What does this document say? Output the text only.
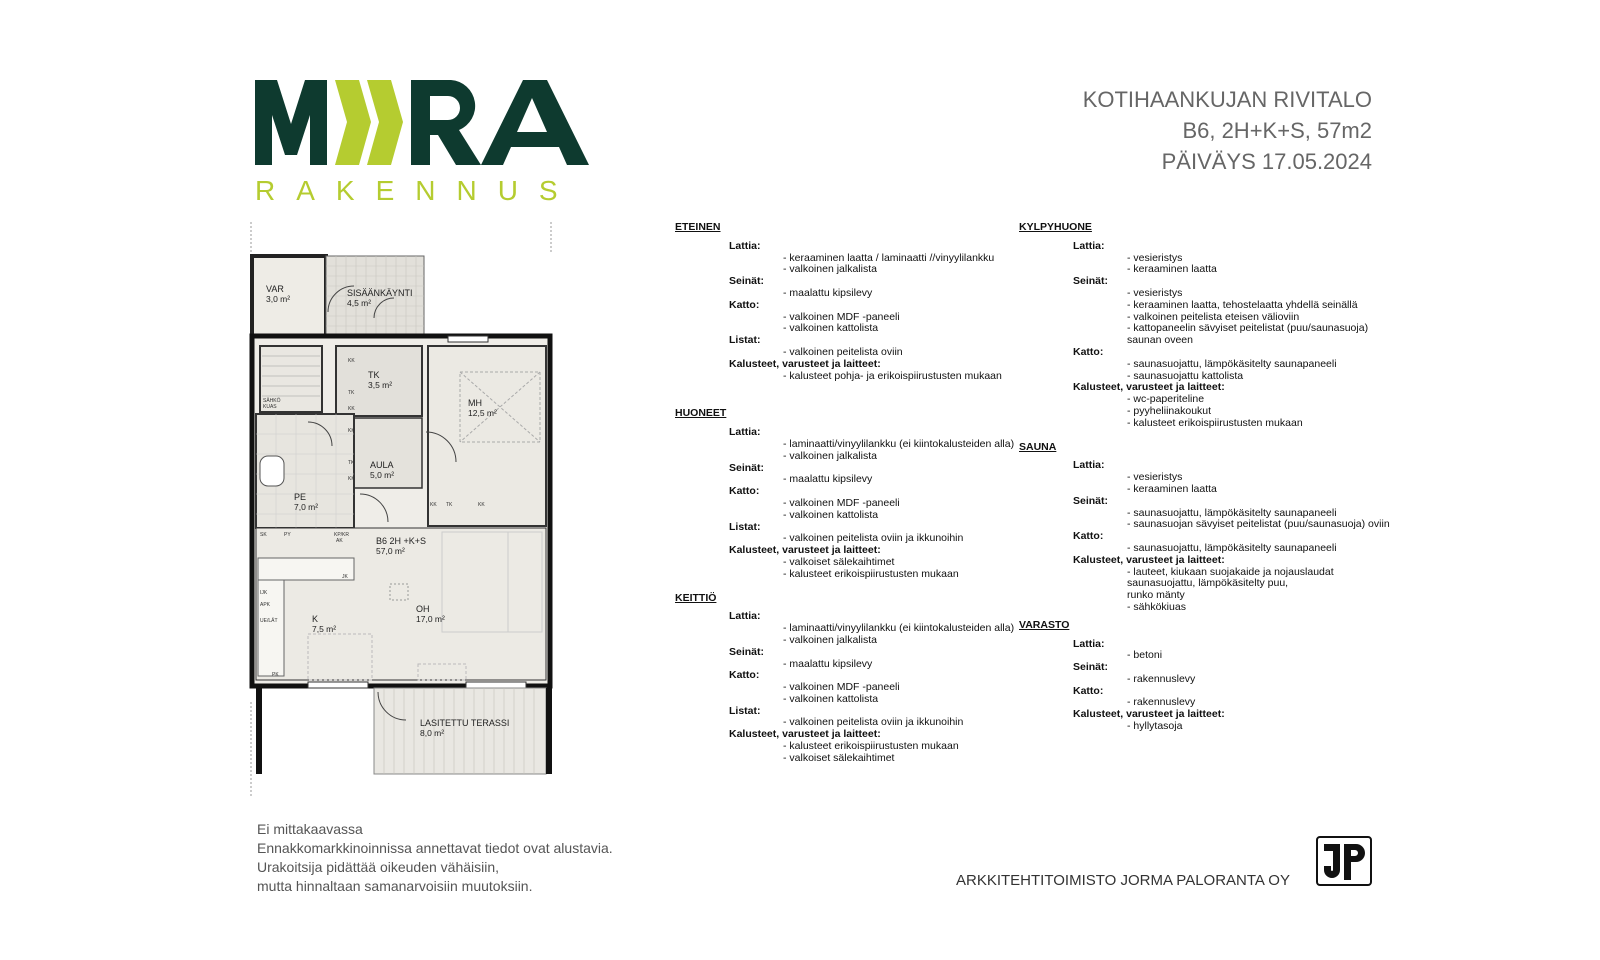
RAKENNUS
KOTIHAANKUJAN RIVITALO
B6, 2H+K+S, 57m2
PÄIVÄYS 17.05.2024
VAR
3,0 m²
SISÄÄNKÄYNTI
4,5 m²
TK
3,5 m²
MH
12,5 m²
AULA
5,0 m²
PE
7,0 m²
B6 2H +K+S
57,0 m²
OH
17,0 m²
K
7,5 m²
LASITETTU TERASSI
8,0 m²
KK
TK
KK
KK
TK
KK
KK TK	KK
SÄHKÖ
KUAS
SK	PY	KP/KR
AK
IJK
APK
UE/LÄT
PK
JK
Ei mittakaavassa
Ennakkomarkkinoinnissa annettavat tiedot ovat alustavia.
Urakoitsija pidättää oikeuden vähäisiin,
mutta hinnaltaan samanarvoisiin muutoksiin.	ARKKITEHTITOIMISTO JORMA PALORANTA OY
ETEINEN
Lattia:
- keraaminen laatta / laminaatti //vinyylilankku
- valkoinen jalkalista
Seinät:
- maalattu kipsilevy
Katto:
- valkoinen MDF -paneeli
- valkoinen kattolista
Listat:
- valkoinen peitelista oviin
Kalusteet, varusteet ja laitteet:
- kalusteet pohja- ja erikoispiirustusten mukaan
HUONEET
Lattia:
- laminaatti/vinyylilankku (ei kiintokalusteiden alla)
- valkoinen jalkalista
Seinät:
- maalattu kipsilevy
Katto:
- valkoinen MDF -paneeli
- valkoinen kattolista
Listat:
- valkoinen peitelista oviin ja ikkunoihin
Kalusteet, varusteet ja laitteet:
- valkoiset sälekaihtimet
- kalusteet erikoispiirustusten mukaan
KEITTIÖ
Lattia:
- laminaatti/vinyylilankku (ei kiintokalusteiden alla)
- valkoinen jalkalista
Seinät:
- maalattu kipsilevy
Katto:
- valkoinen MDF -paneeli
- valkoinen kattolista
Listat:
- valkoinen peitelista oviin ja ikkunoihin
Kalusteet, varusteet ja laitteet:
- kalusteet erikoispiirustusten mukaan
- valkoiset sälekaihtimet
KYLPYHUONE
Lattia:
- vesieristys
- keraaminen laatta
Seinät:
- vesieristys
- keraaminen laatta, tehostelaatta yhdellä seinällä
- valkoinen peitelista eteisen välioviin
- kattopaneelin sävyiset peitelistat (puu/saunasuoja)
saunan oveen
Katto:
- saunasuojattu, lämpökäsitelty saunapaneeli
- saunasuojattu kattolista
Kalusteet, varusteet ja laitteet:
- wc-paperiteline
- pyyheliinakoukut
- kalusteet erikoispiirustusten mukaan
SAUNA
Lattia:
- vesieristys
- keraaminen laatta
Seinät:
- saunasuojattu, lämpökäsitelty saunapaneeli
- saunasuojan sävyiset peitelistat (puu/saunasuoja) oviin
Katto:
- saunasuojattu, lämpökäsitelty saunapaneeli
Kalusteet, varusteet ja laitteet:
- lauteet, kiukaan suojakaide ja nojauslaudat
saunasuojattu, lämpökäsitelty puu,
runko mänty
- sähkökiuas
VARASTO
Lattia:
- betoni
Seinät:
- rakennuslevy
Katto:
- rakennuslevy
Kalusteet, varusteet ja laitteet:
- hyllytasoja
